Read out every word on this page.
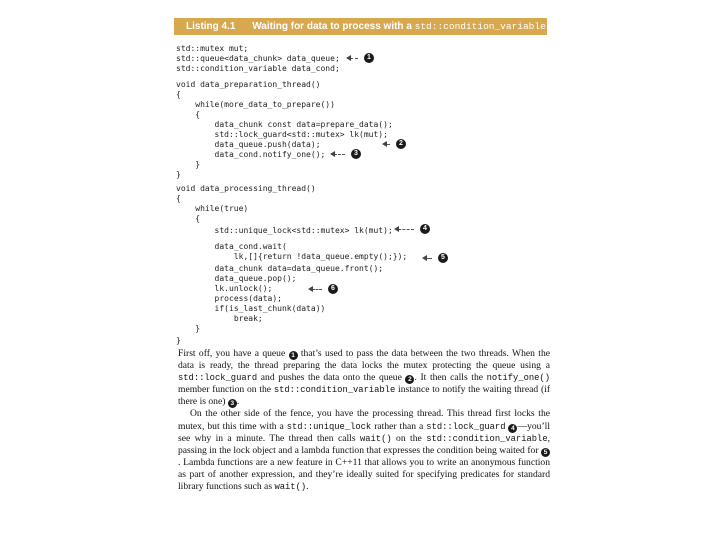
Listing 4.1 Waiting for data to process with a std::condition_variable
std::mutex mut;
std::queue<data_chunk> data_queue;
std::condition_variable data_cond;
void data_preparation_thread()
{
while(more_data_to_prepare())
{
data_chunk const data=prepare_data();
std::lock_guard<std::mutex> lk(mut);
data_queue.push(data);
data_cond.notify_one();
}
}
void data_processing_thread()
{
while(true)
{
std::unique_lock<std::mutex> lk(mut);
data_cond.wait(
lk,[]{return !data_queue.empty();});
data_chunk data=data_queue.front();
data_queue.pop();
lk.unlock();
process(data);
if(is_last_chunk(data))
break;
}
}
1
2
3
4
5
6

First off, you have a queue 1 that’s used to pass the data between the two threads. When the data is ready, the thread preparing the data locks the mutex protecting the queue using a std::lock_guard and pushes the data onto the queue 2 . It then calls the notify_one() member function on the std::condition_variable instance to notify the waiting thread (if there is one) 3 .

On the other side of the fence, you have the processing thread. This thread first locks the mutex, but this time with a std::unique_lock rather than a std::lock_guard 4 —you’ll see why in a minute. The thread then calls wait() on the std::condition_variable, passing in the lock object and a lambda function that expresses the condition being waited for 5. Lambda functions are a new feature in C++11 that allows you to write an anonymous function as part of another expression, and they’re ideally suited for specifying predicates for standard library functions such as wait().
